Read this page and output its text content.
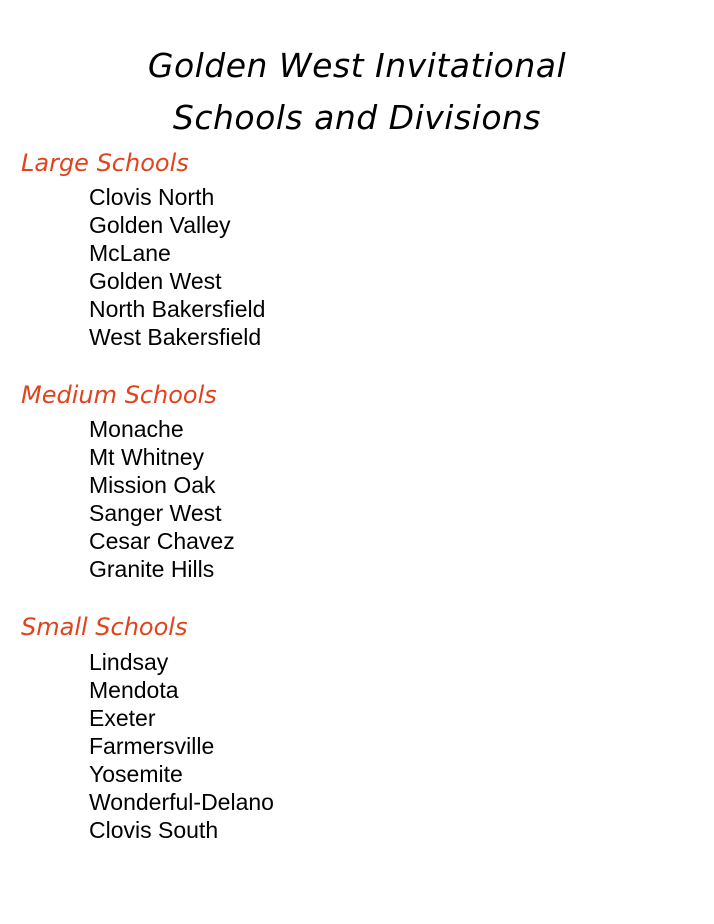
Golden West Invitational
Schools and Divisions
Large Schools
Clovis North
Golden Valley
McLane
Golden West
North Bakersfield
West Bakersfield
Medium Schools
Monache
Mt Whitney
Mission Oak
Sanger West
Cesar Chavez
Granite Hills
Small Schools
Lindsay
Mendota
Exeter
Farmersville
Yosemite
Wonderful-Delano
Clovis South
